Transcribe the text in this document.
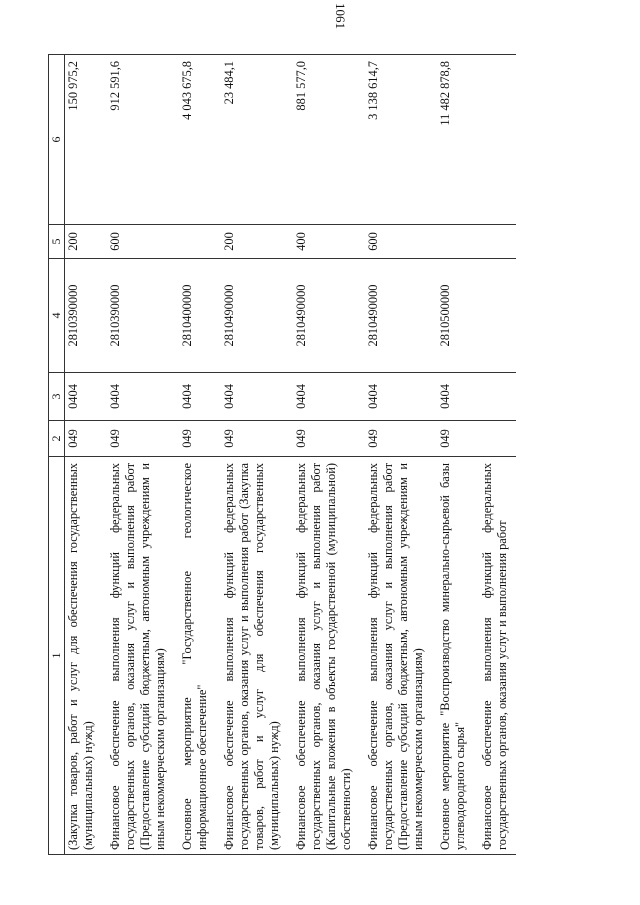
1061
1	2	3	4	5	6
(Закупка товаров, работ и услуг для обеспечения государственных (муниципальных) нужд)	049	0404	2810390000	200	150 975,2
Финансовое обеспечение выполнения функций федеральных государственных органов, оказания услуг и выполнения работ (Предоставление субсидий бюджетным, автономным учреждениям и иным некоммерческим организациям)	049	0404	2810390000	600	912 591,6
Основное мероприятие "Государственное геологическое информационное обеспечение"	049	0404	2810400000		4 043 675,8
Финансовое обеспечение выполнения функций федеральных государственных органов, оказания услуг и выполнения работ (Закупка товаров, работ и услуг для обеспечения государственных (муниципальных) нужд)	049	0404	2810490000	200	23 484,1
Финансовое обеспечение выполнения функций федеральных государственных органов, оказания услуг и выполнения работ (Капитальные вложения в объекты государственной (муниципальной) собственности)	049	0404	2810490000	400	881 577,0
Финансовое обеспечение выполнения функций федеральных государственных органов, оказания услуг и выполнения работ (Предоставление субсидий бюджетным, автономным учреждениям и иным некоммерческим организациям)	049	0404	2810490000	600	3 138 614,7
Основное мероприятие "Воспроизводство минерально-сырьевой базы углеводородного сырья"	049	0404	2810500000		11 482 878,8
Финансовое обеспечение выполнения функций федеральных государственных органов, оказания услуг и выполнения работ					
